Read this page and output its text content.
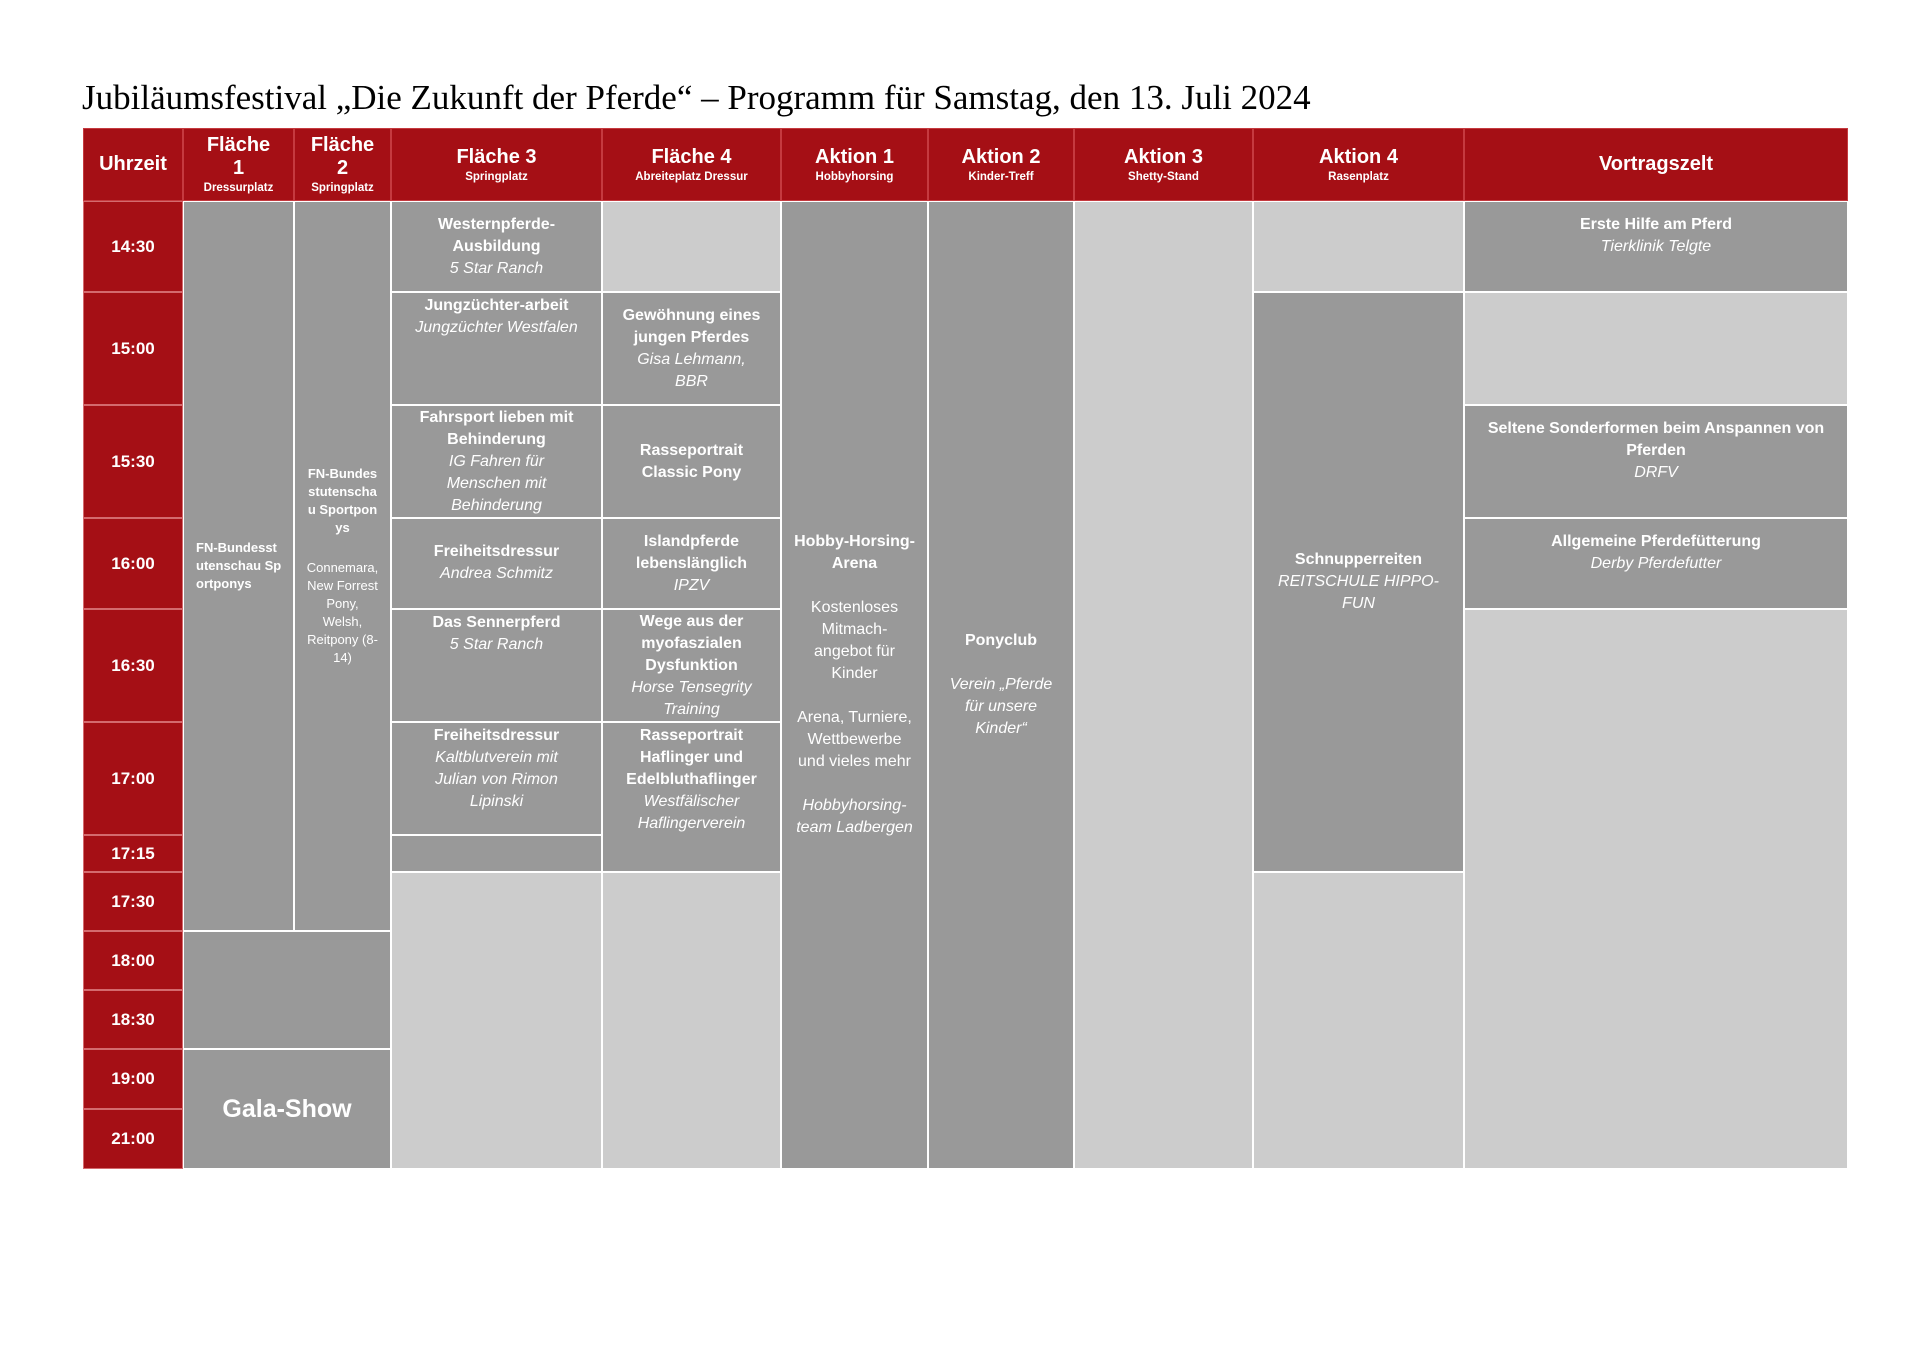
Jubiläumsfestival „Die Zukunft der Pferde“ – Programm für Samstag, den 13. Juli 2024
Uhrzeit
Fläche 1
Dressurplatz
Fläche 2
Springplatz
Fläche 3
Springplatz
Fläche 4
Abreiteplatz Dressur
Aktion 1
Hobbyhorsing
Aktion 2
Kinder-Treff
Aktion 3
Shetty-Stand
Aktion 4
Rasenplatz
Vortragszelt
14:30
15:00
15:30
16:00
16:30
17:00
17:15
17:30
18:00
18:30
19:00
21:00
FN-Bundesstutenschau Sportponys
FN-Bundesstutenschau Sportponys
Connemara, New Forrest Pony, Welsh, Reitpony (8-14)
Gala-Show
Westernpferde-Ausbildung
5 Star Ranch
Jungzüchter-arbeit
Jungzüchter Westfalen
Fahrsport lieben mit Behinderung
IG Fahren für Menschen mit Behinderung
Freiheitsdressur
Andrea Schmitz
Das Sennerpferd
5 Star Ranch
Freiheitsdressur
Kaltblutverein mit Julian von Rimon Lipinski
Gewöhnung eines jungen Pferdes
Gisa Lehmann, BBR
Rasseportrait Classic Pony
Islandpferde lebenslänglich
IPZV
Wege aus der myofaszialen Dysfunktion
Horse Tensegrity Training
Rasseportrait Haflinger und Edelbluthaflinger
Westfälischer Haflingerverein
Hobby-Horsing-Arena
Kostenloses Mitmach-angebot für Kinder
Arena, Turniere, Wettbewerbe und vieles mehr
Hobbyhorsing-team Ladbergen
Ponyclub
Verein „Pferde für unsere Kinder“
Schnupperreiten
REITSCHULE HIPPO-FUN
Erste Hilfe am Pferd
Tierklinik Telgte
Seltene Sonderformen beim Anspannen von Pferden
DRFV
Allgemeine Pferdefütterung
Derby Pferdefutter
